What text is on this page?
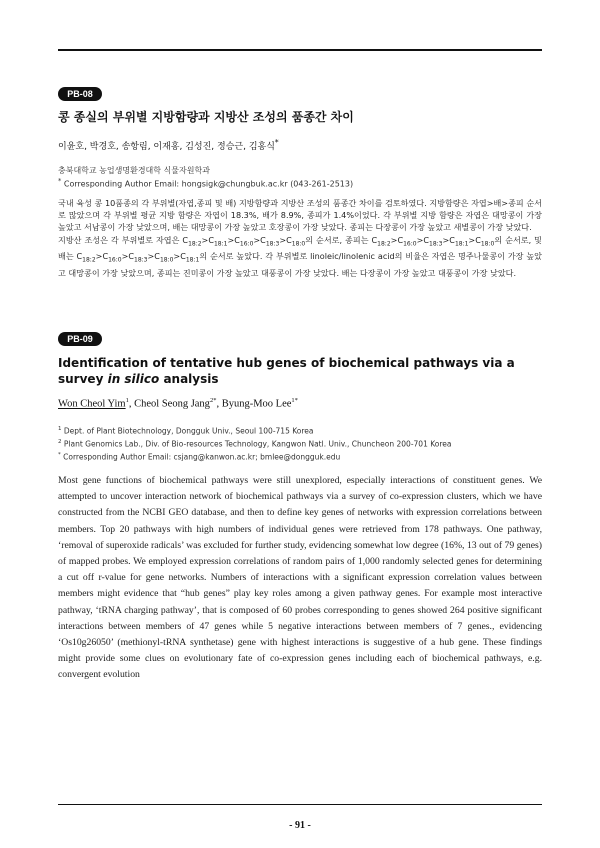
PB-08
콩 종실의 부위별 지방함량과 지방산 조성의 품종간 차이
이윤호, 박경호, 송항림, 이재홍, 김성진, 정승근, 김홍식*
충북대학교 농업생명환경대학 식물자원학과
* Corresponding Author Email: hongsigk@chungbuk.ac.kr (043-261-2513)

국내 육성 콩 10품종의 각 부위별(자엽,종피 및 배) 지방함량과 지방산 조성의 품종간 차이를 검토하였다. 지방함량은 자엽>배>종피 순서로 많았으며 각 부위별 평균 지방 함량은 자엽이 18.3%, 배가 8.9%, 종피가 1.4%이었다. 각 부위별 지방 함량은 자엽은 대망콩이 가장 높았고 서남콩이 가장 낮았으며, 배는 대망콩이 가장 높았고 호장콩이 가장 낮았다. 종피는 다장콩이 가장 높았고 새별콩이 가장 낮았다.

지방산 조성은 각 부위별로 자엽은 $C_{18:2}>C_{18:1}>C_{16:0}>C_{18:3}>C_{18:0}$의 순서로, 종피는 $C_{18:2}>C_{16:0}>C_{18:3}>C_{18:1}>C_{18:0}$의 순서로, 및 배는 $C_{18:2}>C_{16:0}>C_{18:3}>C_{18:0}>C_{18:1}$의 순서로 높았다. 각 부위별로 linoleic/linolenic acid의 비율은 자엽은 명주나물콩이 가장 높았고 대망콩이 가장 낮았으며, 종피는 진미콩이 가장 높았고 대풍콩이 가장 낮았다. 배는 다장콩이 가장 높았고 대풍콩이 가장 낮았다.

PB-09
Identification of tentative hub genes of biochemical pathways via a survey in silico analysis
Won Cheol Yim$^1$, Cheol Seong Jang$^{2*}$, Byung-Moo Lee$^{1*}$
$^1$ Dept. of Plant Biotechnology, Dongguk Univ., Seoul 100-715 Korea
$^2$ Plant Genomics Lab., Div. of Bio-resources Technology, Kangwon Natl. Univ., Chuncheon 200-701 Korea
* Corresponding Author Email: csjang@kanwon.ac.kr; bmlee@dongguk.edu

Most gene functions of biochemical pathways were still unexplored, especially interactions of constituent genes. We attempted to uncover interaction network of biochemical pathways via a survey of co-expression clusters, which we have constructed from the NCBI GEO database, and then to define key genes of networks with expression correlations between members. Top 20 pathways with high numbers of individual genes were retrieved from 178 pathways. One pathway, ‘removal of superoxide radicals’ was excluded for further study, evidencing somewhat low degree (16%, 13 out of 79 genes) of mapped probes. We employed expression correlations of random pairs of 1,000 randomly selected genes for determining a cut off r-value for gene networks. Numbers of interactions with a significant expression correlation values between members might evidence that “hub genes” play key roles among a given pathway genes. For example most interactive pathway, ‘tRNA charging pathway’, that is composed of 60 probes corresponding to genes showed 264 positive significant interactions between members of 47 genes while 5 negative interactions between members of 7 genes., evidencing ‘Os10g26050’ (methionyl-tRNA synthetase) gene with highest interactions is suggestive of a hub gene. These findings might provide some clues on evolutionary fate of co-expression genes including each of biochemical pathways, e.g. convergent evolution

- 91 -
